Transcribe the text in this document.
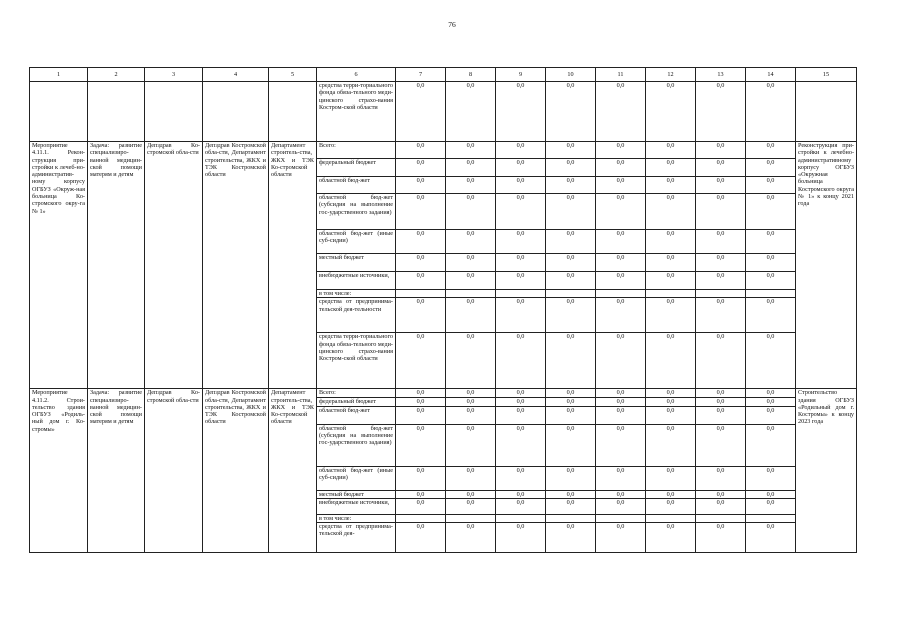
76
1	2	3	4	5	6	7	8	9	10	11	12	13	14	15
					средства терри-ториального фонда обяза-тельного меди-цинского страхо-вания Костром-ской области	0,0	0,0	0,0	0,0	0,0	0,0	0,0	0,0	
Мероприятие 4.11.1. Рекон-струкция при-стройки к лечеб-но-административ-ному корпусу ОГБУЗ «Окруж-ная больница Ко-стромского окру-га № 1»	Задача: развитие специализиро-ванной медицин-ской помощи матерям и детям	Депздрав Ко-стромской обла-сти	Депздрав Костромской обла-сти, Департамент строительства, ЖКХ и ТЭК Костромской области	Департамент строитель-ства, ЖКХ и ТЭК Ко-стромской области	Всего:	0,0	0,0	0,0	0,0	0,0	0,0	0,0	0,0	Реконструкция при-стройки к лечебно-административному корпусу ОГБУЗ «Окружная больница Костромского округа № 1» к концу 2021 года
					федеральный бюджет	0,0	0,0	0,0	0,0	0,0	0,0	0,0	0,0	
					областной бюд-жет	0,0	0,0	0,0	0,0	0,0	0,0	0,0	0,0	
					областной бюд-жет (субсидия на выполнение гос-ударственного задания)	0,0	0,0	0,0	0,0	0,0	0,0	0,0	0,0	
					областной бюд-жет (иные суб-сидии)	0,0	0,0	0,0	0,0	0,0	0,0	0,0	0,0	
					местный бюджет	0,0	0,0	0,0	0,0	0,0	0,0	0,0	0,0	
					внебюджетные источники,	0,0	0,0	0,0	0,0	0,0	0,0	0,0	0,0	
					в том числе:									
					средства от предпринима-тельской дея-тельности	0,0	0,0	0,0	0,0	0,0	0,0	0,0	0,0	
					средства терри-ториального фонда обяза-тельного меди-цинского страхо-вания Костром-ской области	0,0	0,0	0,0	0,0	0,0	0,0	0,0	0,0	
Мероприятие 4.11.2. Строи-тельство здания ОГБУЗ «Родиль-ный дом г. Ко-стромы»	Задача: развитие специализиро-ванной медицин-ской помощи матерям и детям	Депздрав Ко-стромской обла-сти	Депздрав Костромской обла-сти, Департамент строительства, ЖКХ и ТЭК Костромской области	Департамент строитель-ства, ЖКХ и ТЭК Ко-стромской области	Всего:	0,0	0,0	0,0	0,0	0,0	0,0	0,0	0,0	Строительство здания ОГБУЗ «Родильный дом г. Костромы» к концу 2023 года
					федеральный бюджет	0,0	0,0	0,0	0,0	0,0	0,0	0,0	0,0	
					областной бюд-жет	0,0	0,0	0,0	0,0	0,0	0,0	0,0	0,0	
					областной бюд-жет (субсидия на выполнение гос-ударственного задания)	0,0	0,0	0,0	0,0	0,0	0,0	0,0	0,0	
					областной бюд-жет (иные суб-сидии)	0,0	0,0	0,0	0,0	0,0	0,0	0,0	0,0	
					местный бюджет	0,0	0,0	0,0	0,0	0,0	0,0	0,0	0,0	
					внебюджетные источники,	0,0	0,0	0,0	0,0	0,0	0,0	0,0	0,0	
					в том числе:									
					средства от предпринима-тельской дея-	0,0	0,0	0,0	0,0	0,0	0,0	0,0	0,0	
